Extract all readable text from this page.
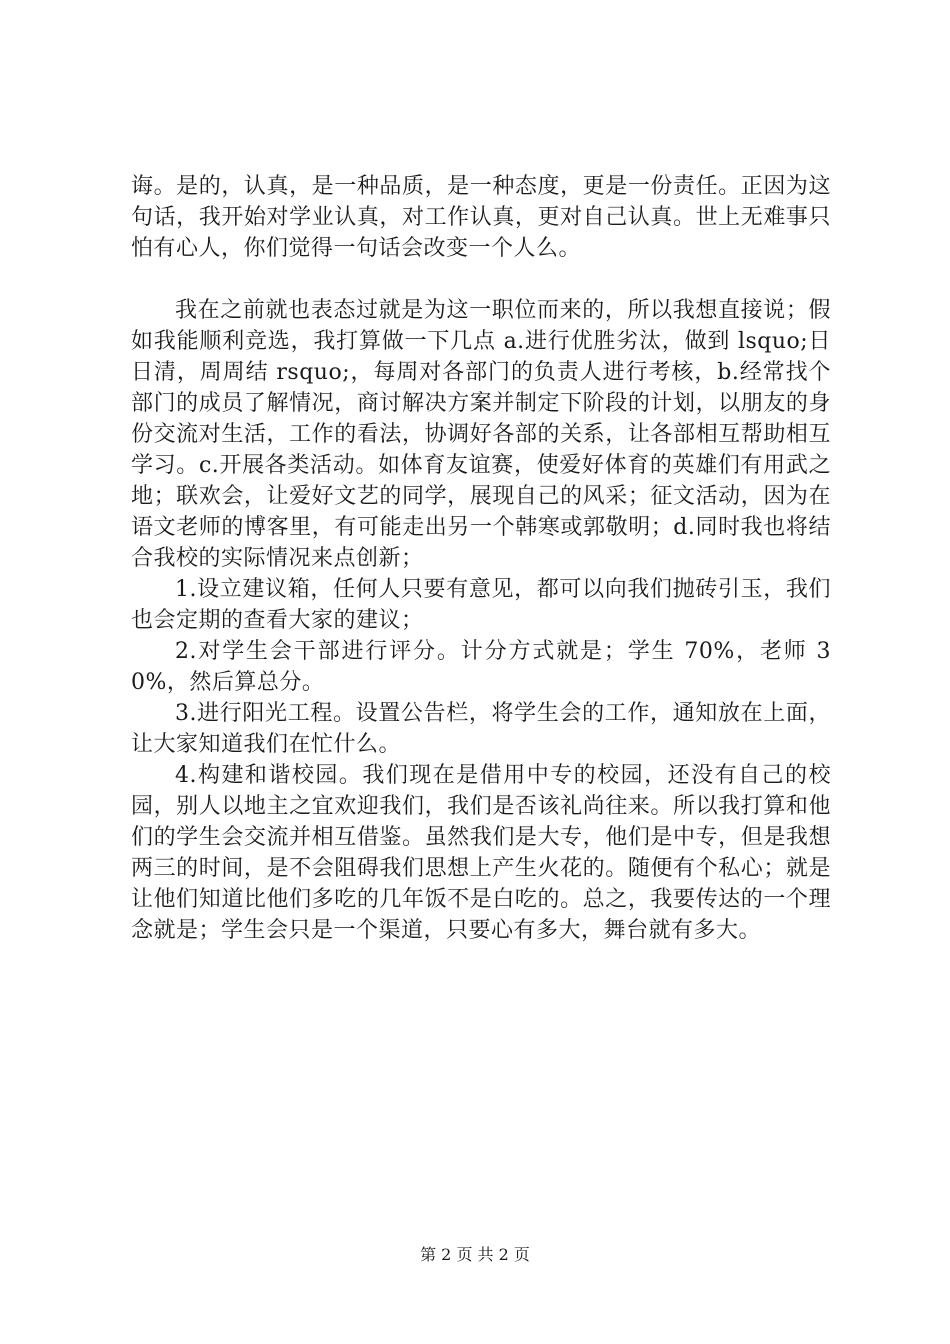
诲。是的，认真，是一种品质，是一种态度，更是一份责任。正因为这句话，我开始对学业认真，对工作认真，更对自己认真。世上无难事只怕有心人，你们觉得一句话会改变一个人么。

我在之前就也表态过就是为这一职位而来的，所以我想直接说；假如我能顺利竞选，我打算做一下几点 a.进行优胜劣汰，做到 lsquo;日日清，周周结 rsquo;，每周对各部门的负责人进行考核，b.经常找个部门的成员了解情况，商讨解决方案并制定下阶段的计划，以朋友的身份交流对生活，工作的看法，协调好各部的关系，让各部相互帮助相互学习。c.开展各类活动。如体育友谊赛，使爱好体育的英雄们有用武之地；联欢会，让爱好文艺的同学，展现自己的风采；征文活动，因为在语文老师的博客里，有可能走出另一个韩寒或郭敬明；d.同时我也将结合我校的实际情况来点创新；

1.设立建议箱，任何人只要有意见，都可以向我们抛砖引玉，我们也会定期的查看大家的建议；

2.对学生会干部进行评分。计分方式就是；学生 70%，老师 30%，然后算总分。

3.进行阳光工程。设置公告栏，将学生会的工作，通知放在上面，让大家知道我们在忙什么。

4.构建和谐校园。我们现在是借用中专的校园，还没有自己的校园，别人以地主之宜欢迎我们，我们是否该礼尚往来。所以我打算和他们的学生会交流并相互借鉴。虽然我们是大专，他们是中专，但是我想两三的时间，是不会阻碍我们思想上产生火花的。随便有个私心；就是让他们知道比他们多吃的几年饭不是白吃的。总之，我要传达的一个理念就是；学生会只是一个渠道，只要心有多大，舞台就有多大。

第 2 页 共 2 页
